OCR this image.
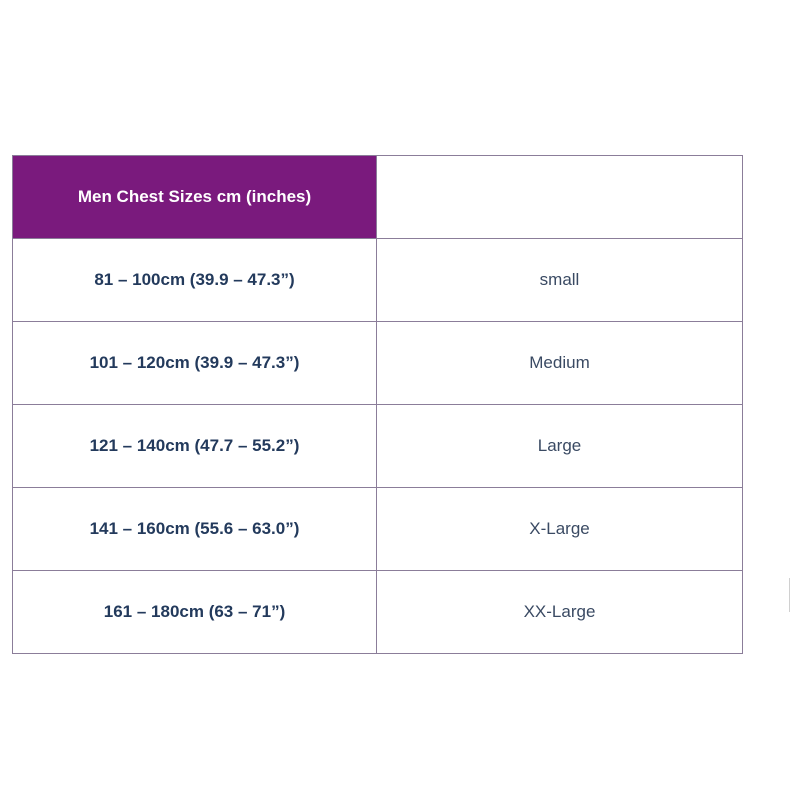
Men Chest Sizes cm (inches)	
81 – 100cm (39.9 – 47.3”)	small
101 – 120cm (39.9 – 47.3”)	Medium
121 – 140cm (47.7 – 55.2”)	Large
141 – 160cm (55.6 – 63.0”)	X-Large
161 – 180cm (63 – 71”)	XX-Large
